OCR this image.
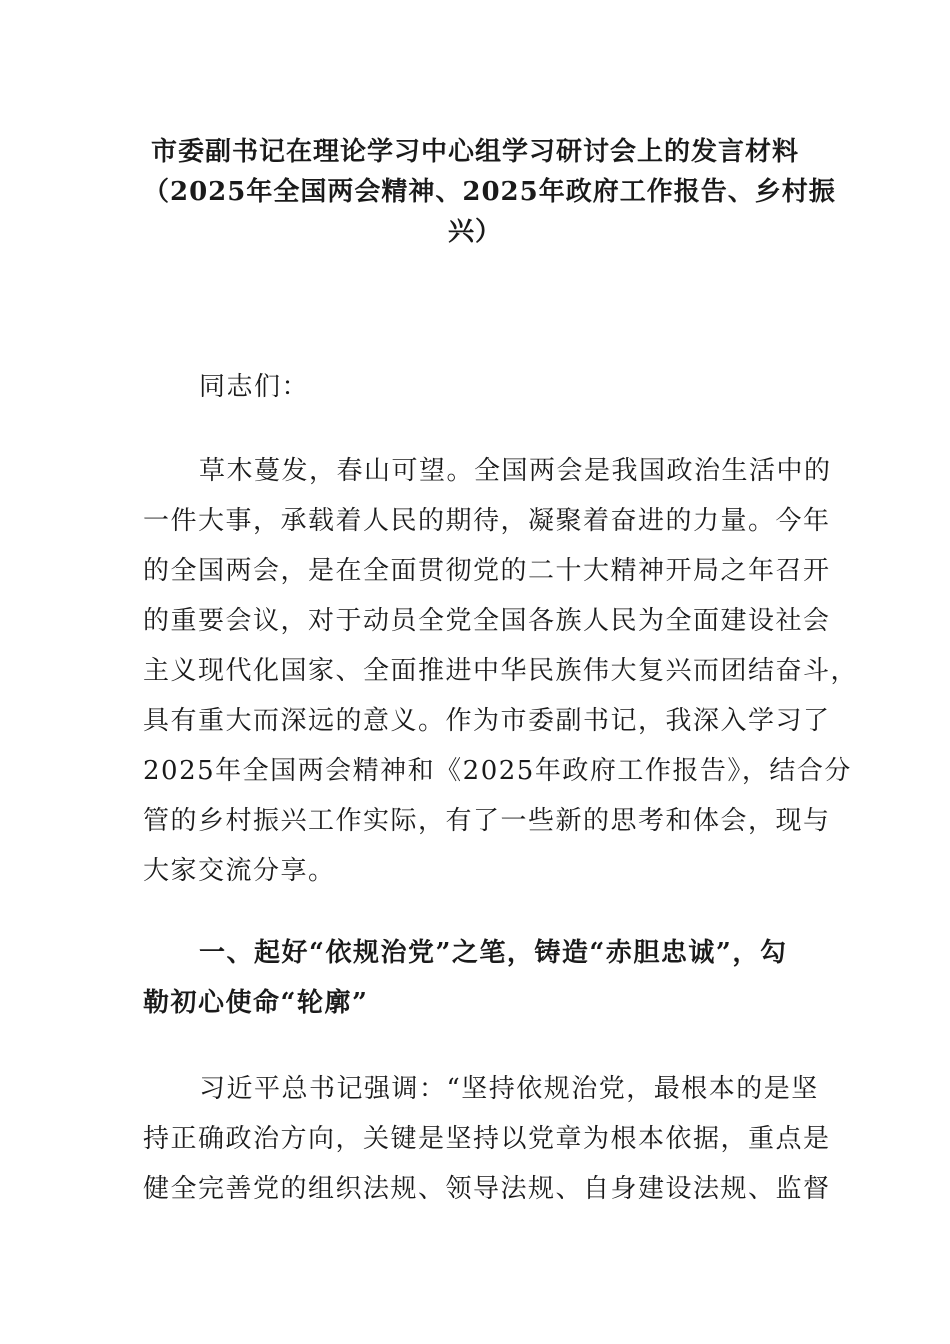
市委副书记在理论学习中心组学习研讨会上的发言材料
（2025年全国两会精神、2025年政府工作报告、乡村振
兴）
同志们：
草木蔓发，春山可望。全国两会是我国政治生活中的
一件大事，承载着人民的期待，凝聚着奋进的力量。今年
的全国两会，是在全面贯彻党的二十大精神开局之年召开
的重要会议，对于动员全党全国各族人民为全面建设社会
主义现代化国家、全面推进中华民族伟大复兴而团结奋斗，
具有重大而深远的意义。作为市委副书记，我深入学习了
2025年全国两会精神和《2025年政府工作报告》，结合分
管的乡村振兴工作实际，有了一些新的思考和体会，现与
大家交流分享。
一、起好“依规治党”之笔，铸造“赤胆忠诚”，勾
勒初心使命“轮廓”
习近平总书记强调：“坚持依规治党，最根本的是坚
持正确政治方向，关键是坚持以党章为根本依据，重点是
健全完善党的组织法规、领导法规、自身建设法规、监督
